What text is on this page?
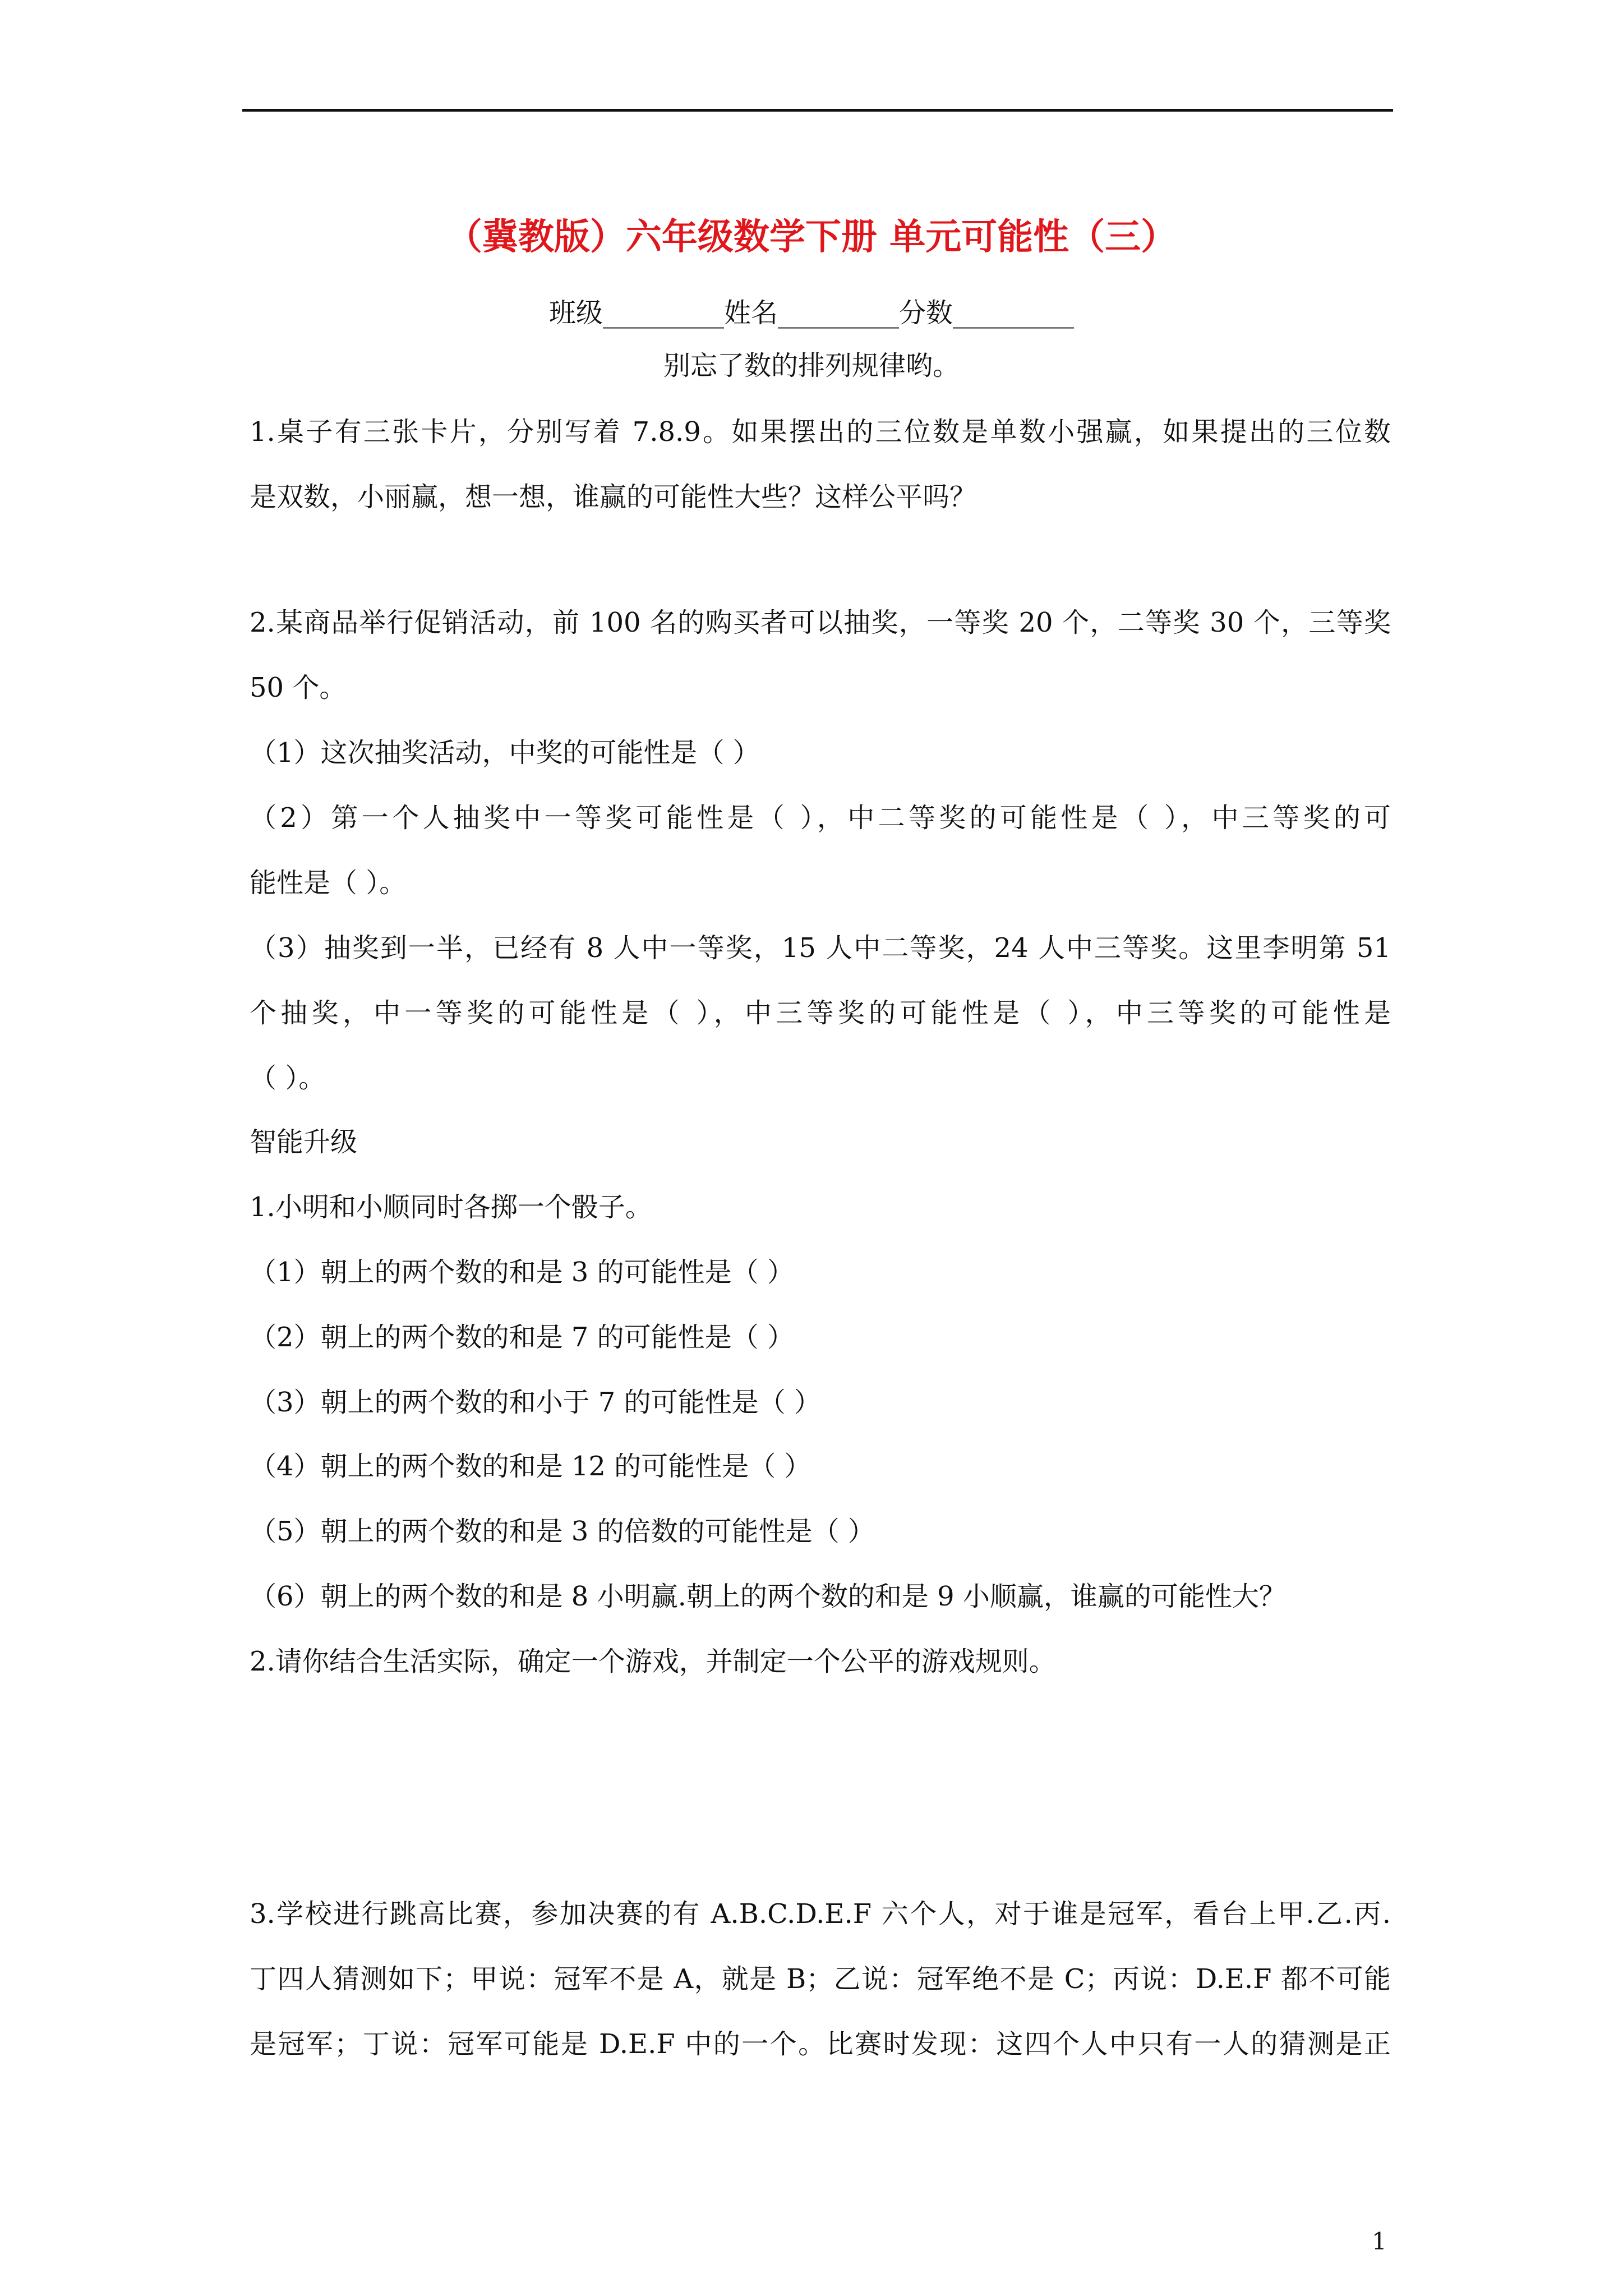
（冀教版）六年级数学下册 单元可能性（三）
班级_________姓名_________分数_________
别忘了数的排列规律哟。
1.桌子有三张卡片，分别写着 7.8.9。如果摆出的三位数是单数小强赢，如果提出的三位数
是双数，小丽赢，想一想，谁赢的可能性大些？这样公平吗？
2.某商品举行促销活动，前 100 名的购买者可以抽奖，一等奖 20 个，二等奖 30 个，三等奖
50 个。
（1）这次抽奖活动，中奖的可能性是（ ）
（2）第一个人抽奖中一等奖可能性是（ ），中二等奖的可能性是（ ），中三等奖的可
能性是（ ）。
（3）抽奖到一半，已经有 8 人中一等奖，15 人中二等奖，24 人中三等奖。这里李明第 51
个抽奖，中一等奖的可能性是（ ），中三等奖的可能性是（ ），中三等奖的可能性是
（ ）。
智能升级
1.小明和小顺同时各掷一个骰子。
（1）朝上的两个数的和是 3 的可能性是（ ）
（2）朝上的两个数的和是 7 的可能性是（ ）
（3）朝上的两个数的和小于 7 的可能性是（ ）
（4）朝上的两个数的和是 12 的可能性是（ ）
（5）朝上的两个数的和是 3 的倍数的可能性是（ ）
（6）朝上的两个数的和是 8 小明赢.朝上的两个数的和是 9 小顺赢，谁赢的可能性大？
2.请你结合生活实际，确定一个游戏，并制定一个公平的游戏规则。
3.学校进行跳高比赛，参加决赛的有 A.B.C.D.E.F 六个人，对于谁是冠军，看台上甲.乙.丙.
丁四人猜测如下；甲说：冠军不是 A，就是 B；乙说：冠军绝不是 C；丙说：D.E.F 都不可能
是冠军；丁说：冠军可能是 D.E.F 中的一个。比赛时发现：这四个人中只有一人的猜测是正
1
